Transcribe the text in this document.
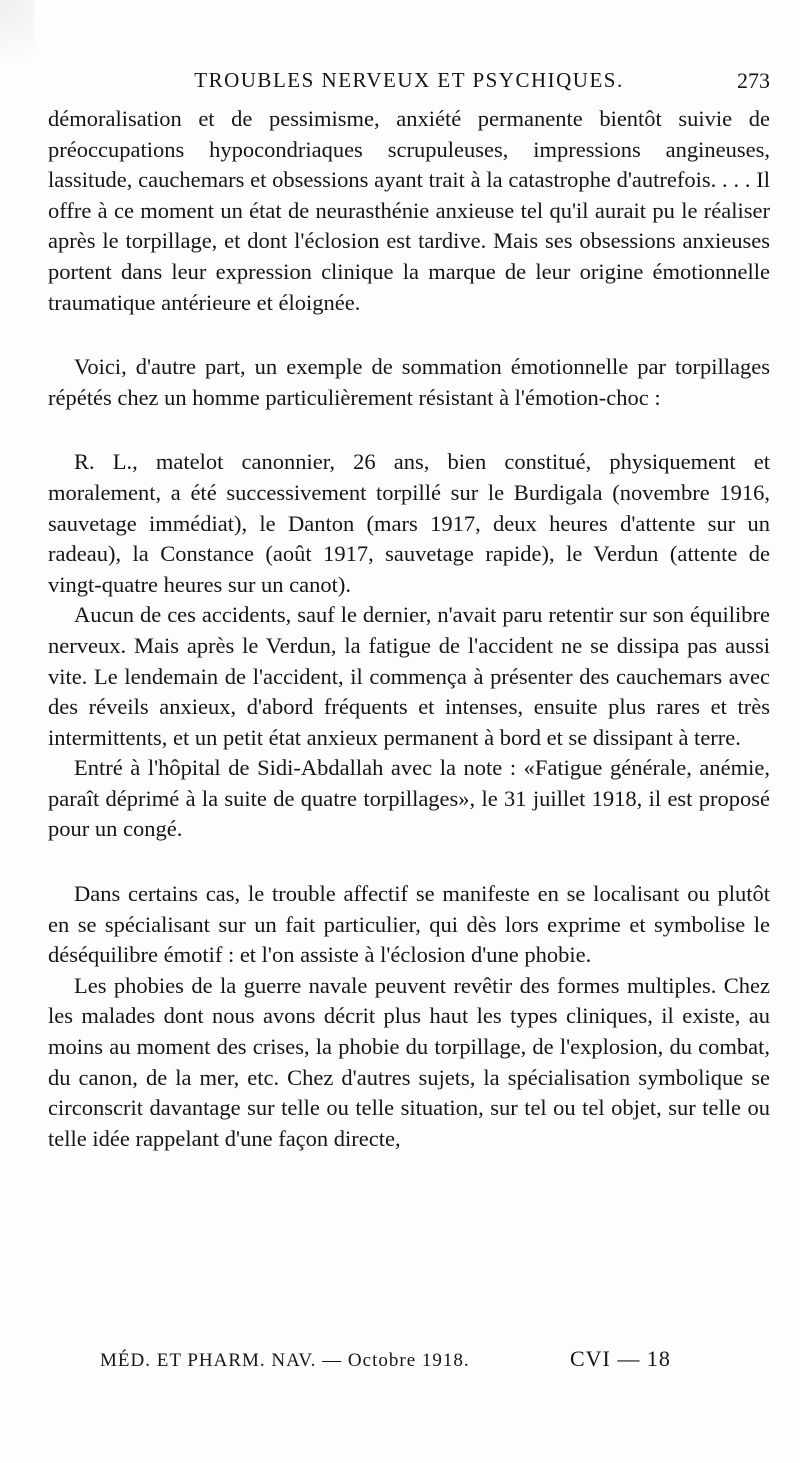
TROUBLES NERVEUX ET PSYCHIQUES.	273

démoralisation et de pessimisme, anxiété permanente bientôt suivie de préoccupations hypocondriaques scrupuleuses, impressions angineuses, lassitude, cauchemars et obsessions ayant trait à la catastrophe d'autrefois. . . . Il offre à ce moment un état de neurasthénie anxieuse tel qu'il aurait pu le réaliser après le torpillage, et dont l'éclosion est tardive. Mais ses obsessions anxieuses portent dans leur expression clinique la marque de leur origine émotionnelle traumatique antérieure et éloignée.

Voici, d'autre part, un exemple de sommation émotionnelle par torpillages répétés chez un homme particulièrement résistant à l'émotion-choc :

R. L., matelot canonnier, 26 ans, bien constitué, physiquement et moralement, a été successivement torpillé sur le Burdigala (novembre 1916, sauvetage immédiat), le Danton (mars 1917, deux heures d'attente sur un radeau), la Constance (août 1917, sauvetage rapide), le Verdun (attente de vingt-quatre heures sur un canot).

Aucun de ces accidents, sauf le dernier, n'avait paru retentir sur son équilibre nerveux. Mais après le Verdun, la fatigue de l'accident ne se dissipa pas aussi vite. Le lendemain de l'accident, il commença à présenter des cauchemars avec des réveils anxieux, d'abord fréquents et intenses, ensuite plus rares et très intermittents, et un petit état anxieux permanent à bord et se dissipant à terre.

Entré à l'hôpital de Sidi-Abdallah avec la note : «Fatigue générale, anémie, paraît déprimé à la suite de quatre torpillages», le 31 juillet 1918, il est proposé pour un congé.

Dans certains cas, le trouble affectif se manifeste en se localisant ou plutôt en se spécialisant sur un fait particulier, qui dès lors exprime et symbolise le déséquilibre émotif : et l'on assiste à l'éclosion d'une phobie.

Les phobies de la guerre navale peuvent revêtir des formes multiples. Chez les malades dont nous avons décrit plus haut les types cliniques, il existe, au moins au moment des crises, la phobie du torpillage, de l'explosion, du combat, du canon, de la mer, etc. Chez d'autres sujets, la spécialisation symbolique se circonscrit davantage sur telle ou telle situation, sur tel ou tel objet, sur telle ou telle idée rappelant d'une façon directe,

MÉD. ET PHARM. NAV. — Octobre 1918.	CVI — 18
